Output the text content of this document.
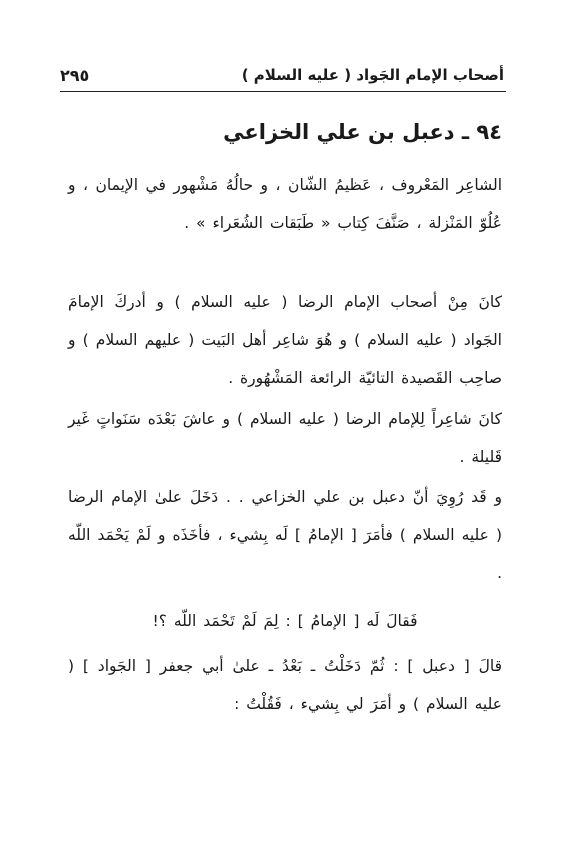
أصحاب الإمام الجَواد ( عليه السلام )
٢٩٥
٩٤ ـ دعبل بن علي الخزاعي
الشاعِر المَعْروف ، عَظيمُ الشّان ، و حالُهُ مَشْهور في الإيمان ، و عُلُوّ المَنْزلة ، صَنَّفَ كِتاب « طَبَقات الشُعَراء » .
كانَ مِنْ أصحاب الإمام الرضا ( عليه السلام ) و أدركَ الإمامَ الجَواد ( عليه السلام ) و هُوَ شاعِر أهل البَيت ( عليهم السلام ) و صاحِب القَصيدة التائيّة الرائعة المَشْهُورة .
كانَ شاعِراً لِلإمام الرضا ( عليه السلام ) و عاشَ بَعْدَه سَنَواتٍ غَير قَليلة .
و قَد رُوِيَ أنّ دعبل بن علي الخزاعي . . دَخَلَ علىٰ الإمام الرضا ( عليه السلام ) فأمَرَ [ الإمامُ ] لَه بِشيء ، فأخَذَه و لَمْ يَحْمَد اللّه .
فَقالَ لَه [ الإمامُ ] : لِمَ لَمْ تَحْمَد اللّه ؟!
قالَ [ دعبل ] : ثُمّ دَخَلْتُ ـ بَعْدُ ـ علىٰ أبي جعفر [ الجَواد ] ( عليه السلام ) و أمَرَ لي بِشيء ، فَقُلْتُ :
